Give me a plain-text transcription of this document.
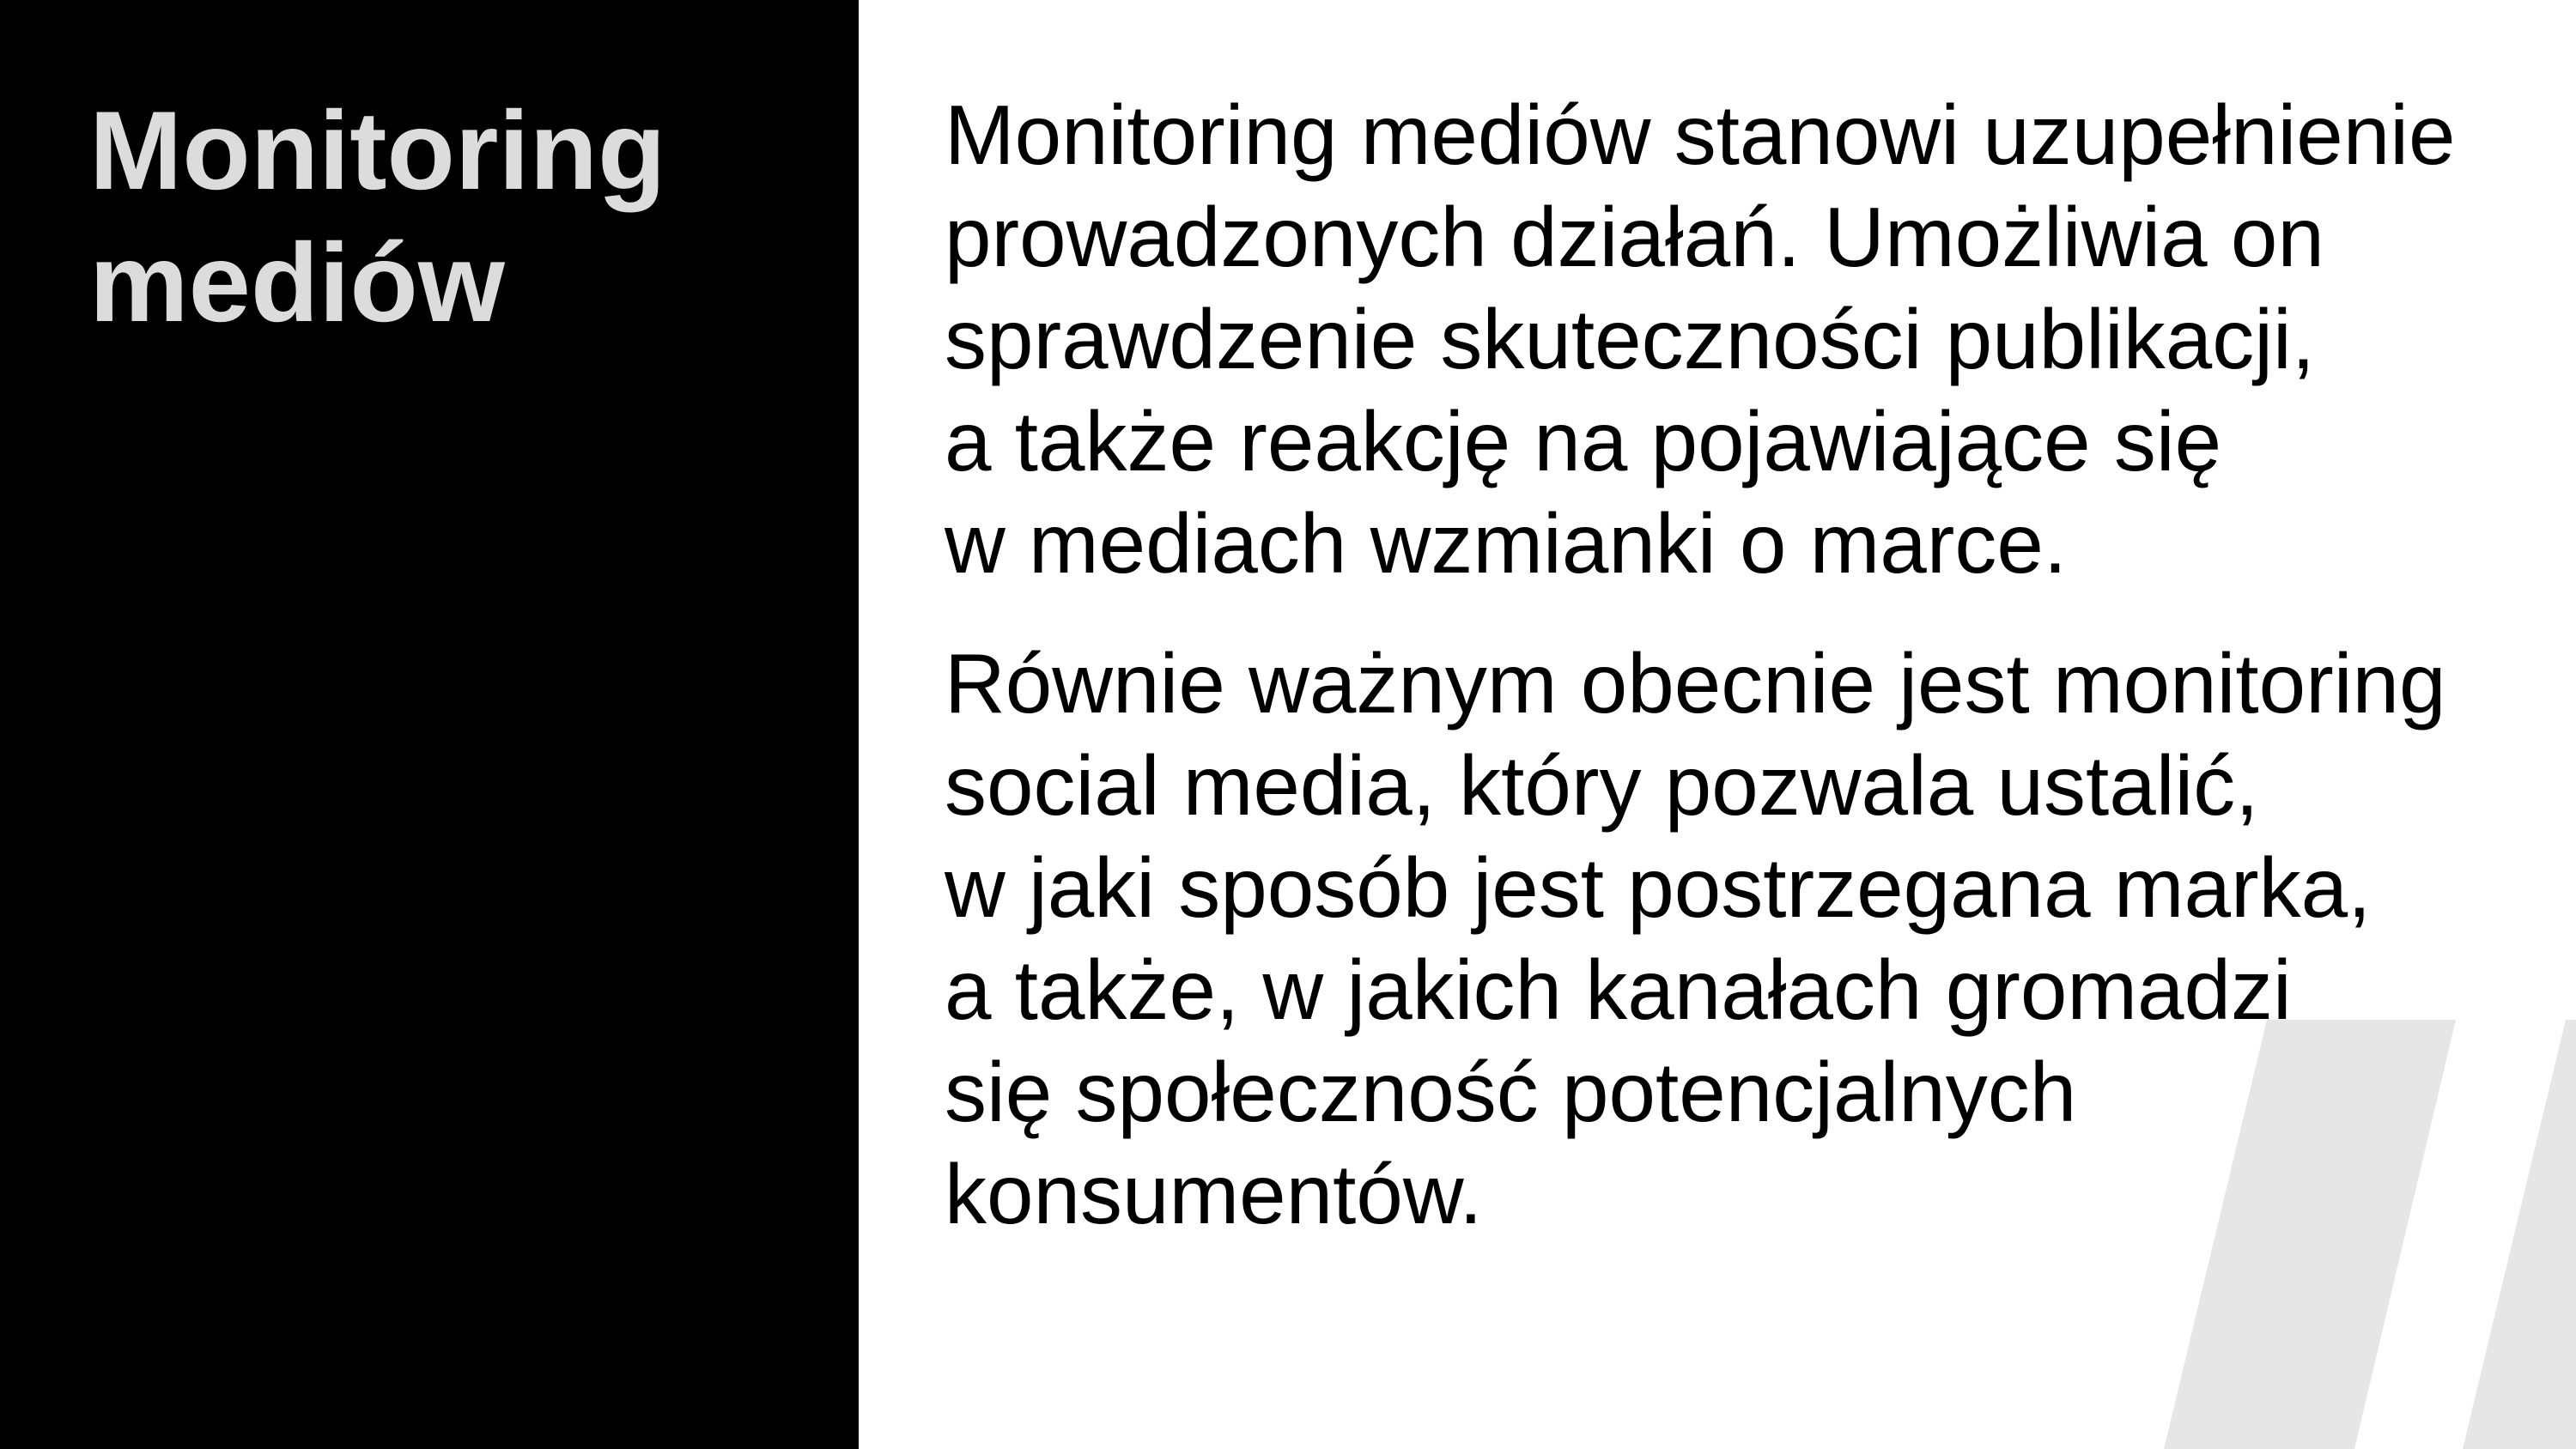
Monitoring
mediów

Monitoring mediów stanowi uzupełnienie
prowadzonych działań. Umożliwia on
sprawdzenie skuteczności publikacji,
a także reakcję na pojawiające się
w mediach wzmianki o marce.

Równie ważnym obecnie jest monitoring
social media, który pozwala ustalić,
w jaki sposób jest postrzegana marka,
a także, w jakich kanałach gromadzi
się społeczność potencjalnych
konsumentów.
